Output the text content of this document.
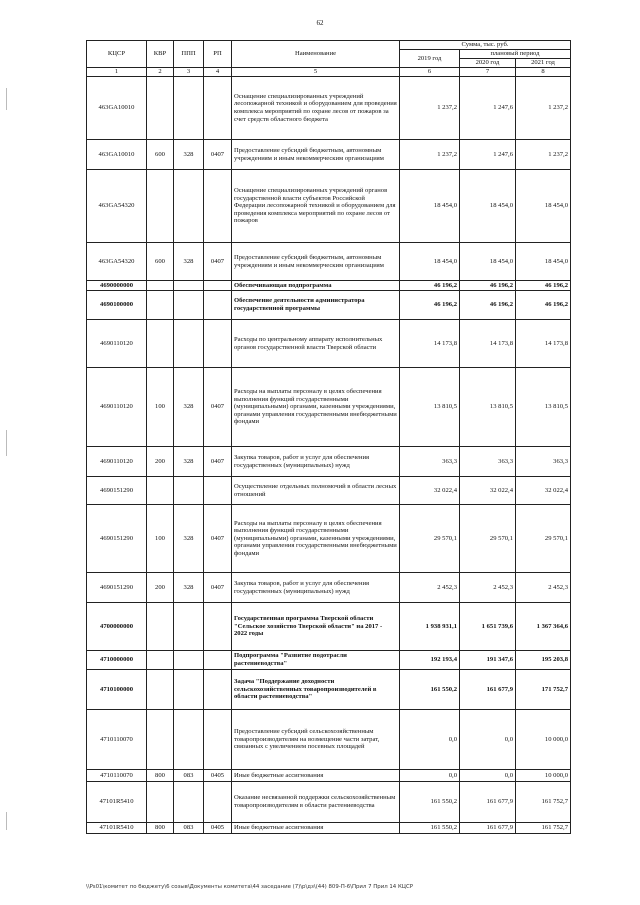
62
КЦСР	КВР	ППП	РП	Наименование	Сумма, тыс. руб.		
					2019 год	плановый период	
						2020 год	2021 год
1	2	3	4	5	6	7	8
463GA10010				Оснащение специализированных учреждений лесопожарной техникой и оборудованием для проведения комплекса мероприятий по охране лесов от пожаров за счет средств областного бюджета	1 237,2	1 247,6	1 237,2
463GA10010	600	328	0407	Предоставление субсидий бюджетным, автономным учреждениям и иным некоммерческим организациям	1 237,2	1 247,6	1 237,2
463GA54320				Оснащение специализированных учреждений органов государственной власти субъектов Российской Федерации лесопожарной техникой и оборудованием для проведения комплекса мероприятий по охране лесов от пожаров	18 454,0	18 454,0	18 454,0
463GA54320	600	328	0407	Предоставление субсидий бюджетным, автономным учреждениям и иным некоммерческим организациям	18 454,0	18 454,0	18 454,0
4690000000				Обеспечивающая подпрограмма	46 196,2	46 196,2	46 196,2
4690100000				Обеспечение деятельности администратора государственной программы	46 196,2	46 196,2	46 196,2
4690110120				Расходы по центральному аппарату исполнительных органов государственной власти Тверской области	14 173,8	14 173,8	14 173,8
4690110120	100	328	0407	Расходы на выплаты персоналу в целях обеспечения выполнения функций государственными (муниципальными) органами, казенными учреждениями, органами управления государственными внебюджетными фондами	13 810,5	13 810,5	13 810,5
4690110120	200	328	0407	Закупка товаров, работ и услуг для обеспечения государственных (муниципальных) нужд	363,3	363,3	363,3
4690151290				Осуществление отдельных полномочий в области лесных отношений	32 022,4	32 022,4	32 022,4
4690151290	100	328	0407	Расходы на выплаты персоналу в целях обеспечения выполнения функций государственными (муниципальными) органами, казенными учреждениями, органами управления государственными внебюджетными фондами	29 570,1	29 570,1	29 570,1
4690151290	200	328	0407	Закупка товаров, работ и услуг для обеспечения государственных (муниципальных) нужд	2 452,3	2 452,3	2 452,3
4700000000				Государственная программа Тверской области "Сельское хозяйство Тверской области" на 2017 - 2022 годы	1 938 931,1	1 651 739,6	1 367 364,6
4710000000				Подпрограмма "Развитие подотрасли растениеводства"	192 193,4	191 347,6	195 203,8
4710100000				Задача "Поддержание доходности сельскохозяйственных товаропроизводителей в области растениеводства"	161 550,2	161 677,9	171 752,7
4710110070				Предоставление субсидий сельскохозяйственным товаропроизводителям на возмещение части затрат, связанных с увеличением посевных площадей	0,0	0,0	10 000,0
4710110070	800	083	0405	Иные бюджетные ассигнования	0,0	0,0	10 000,0
47101R5410				Оказание несвязанной поддержки сельскохозяйственным товаропроизводителям в области растениеводства	161 550,2	161 677,9	161 752,7
47101R5410	800	083	0405	Иные бюджетные ассигнования	161 550,2	161 677,9	161 752,7
\\Ps01\комитет по бюджету\6 созыв\Документы комитета\44 заседание (7)\р\дз\(44) 809-П-6\Прил 7 Прил 14 КЦСР
